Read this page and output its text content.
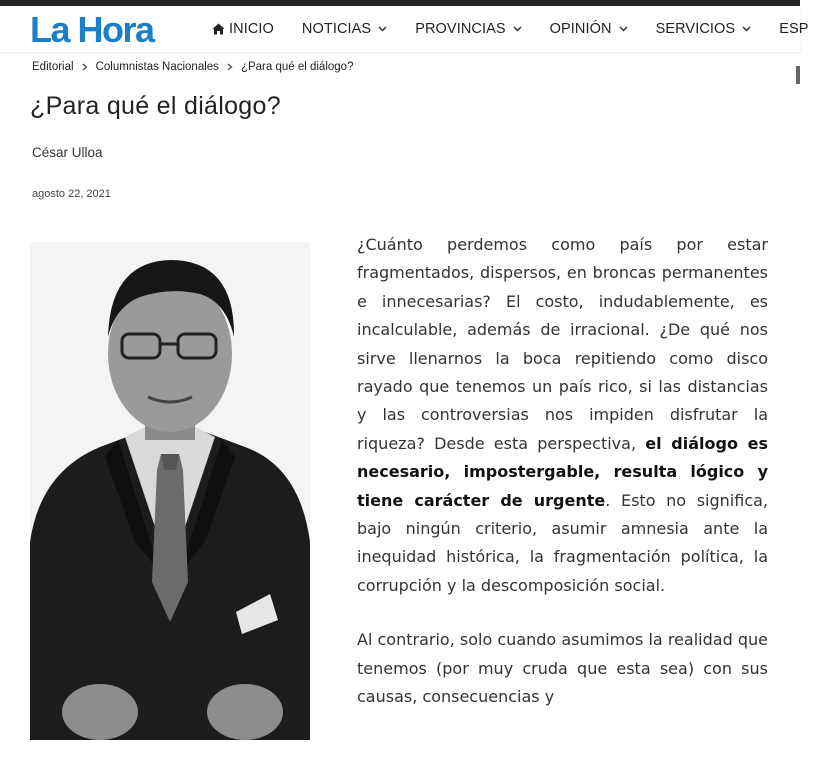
La Hora	INICIO NOTICIAS	PROVINCIAS	OPINIÓN	SERVICIOS	ESP
Editorial Columnistas Nacionales ¿Para qué el diálogo?
¿Para qué el diálogo?
César Ulloa
agosto 22, 2021

¿Cuánto perdemos como país por estar fragmentados, dispersos, en broncas permanentes e innecesarias? El costo, indudablemente, es incalculable, además de irracional. ¿De qué nos sirve llenarnos la boca repitiendo como disco rayado que tenemos un país rico, si las distancias y las controversias nos impiden disfrutar la riqueza? Desde esta perspectiva, el diálogo es necesario, impostergable, resulta lógico y tiene carácter de urgente. Esto no significa, bajo ningún criterio, asumir amnesia ante la inequidad histórica, la fragmentación política, la corrupción y la descomposición social.

Al contrario, solo cuando asumimos la realidad que tenemos (por muy cruda que esta sea) con sus causas, consecuencias y
